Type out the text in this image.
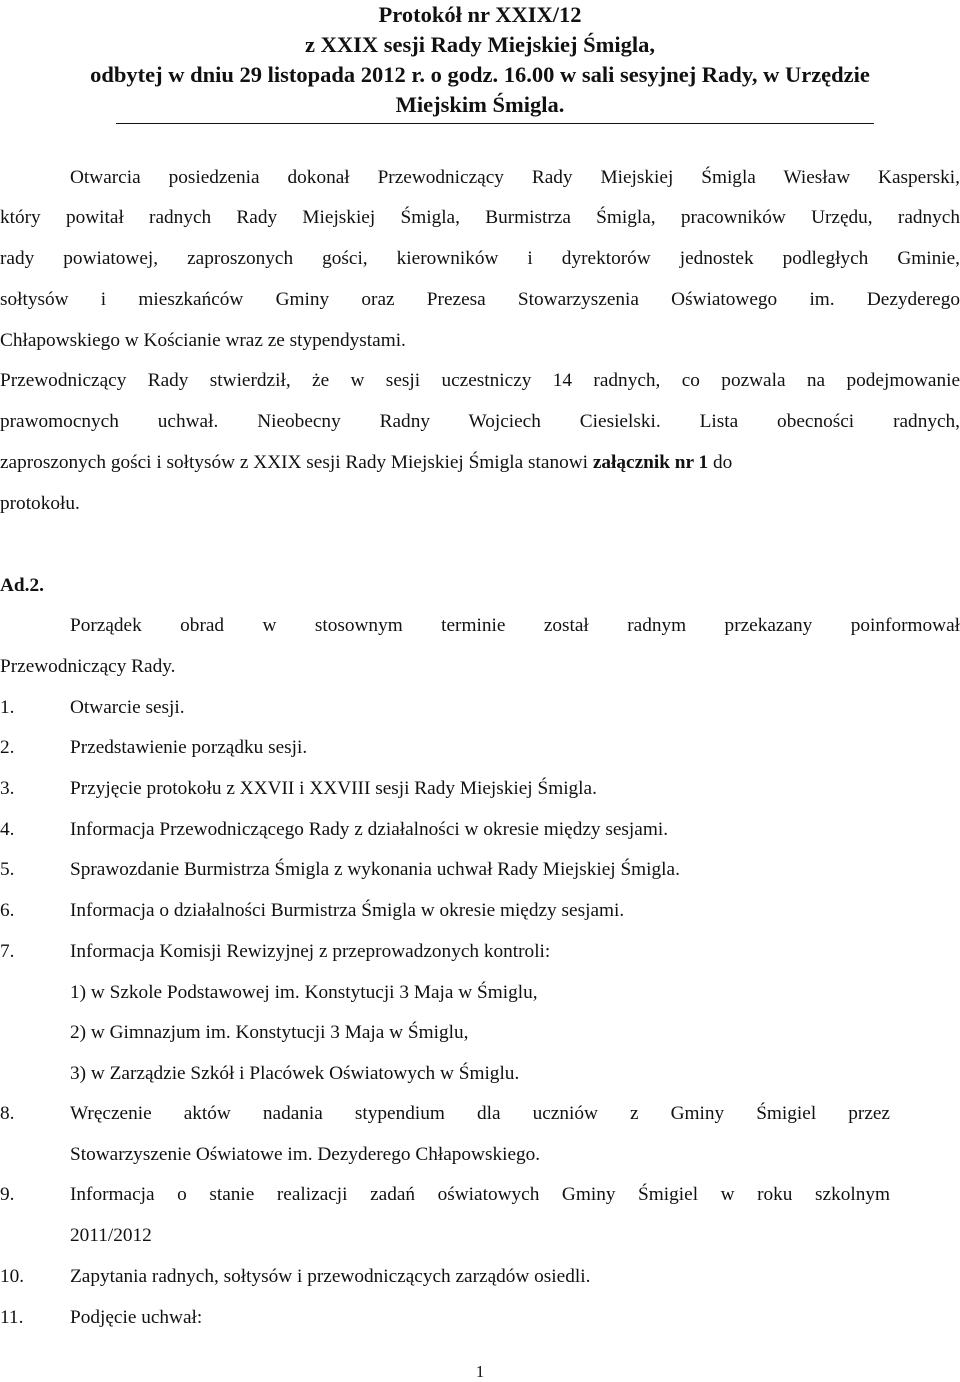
Protokół nr XXIX/12
z XXIX sesji Rady Miejskiej Śmigla,
odbytej w dniu 29 listopada 2012 r. o godz. 16.00 w sali sesyjnej Rady, w Urzędzie
Miejskim Śmigla.
Otwarcia posiedzenia dokonał Przewodniczący Rady Miejskiej Śmigla Wiesław Kasperski,
który powitał radnych Rady Miejskiej Śmigla, Burmistrza Śmigla, pracowników Urzędu, radnych
rady powiatowej, zaproszonych gości, kierowników i dyrektorów jednostek podległych Gminie,
sołtysów i mieszkańców Gminy oraz Prezesa Stowarzyszenia Oświatowego im. Dezyderego
Chłapowskiego w Kościanie wraz ze stypendystami.
Przewodniczący Rady stwierdził, że w sesji uczestniczy 14 radnych, co pozwala na podejmowanie
prawomocnych uchwał. Nieobecny Radny Wojciech Ciesielski. Lista obecności radnych,
zaproszonych gości i sołtysów z XXIX sesji Rady Miejskiej Śmigla stanowi załącznik nr 1 do
protokołu.
Ad.2.
Porządek obrad w stosownym terminie został radnym przekazany poinformował
Przewodniczący Rady.
1.	Otwarcie sesji.
2.	Przedstawienie porządku sesji.
3.	Przyjęcie protokołu z XXVII i XXVIII sesji Rady Miejskiej Śmigla.
4.	Informacja Przewodniczącego Rady z działalności w okresie między sesjami.
5.	Sprawozdanie Burmistrza Śmigla z wykonania uchwał Rady Miejskiej Śmigla.
6.	Informacja o działalności Burmistrza Śmigla w okresie między sesjami.
7.	Informacja Komisji Rewizyjnej z przeprowadzonych kontroli:
1) w Szkole Podstawowej im. Konstytucji 3 Maja w Śmiglu,
2) w Gimnazjum im. Konstytucji 3 Maja w Śmiglu,
3) w Zarządzie Szkół i Placówek Oświatowych w Śmiglu.
8.	Wręczenie aktów nadania stypendium dla uczniów z Gminy Śmigiel przez
Stowarzyszenie Oświatowe im. Dezyderego Chłapowskiego.
9.	Informacja o stanie realizacji zadań oświatowych Gminy Śmigiel w roku szkolnym
2011/2012
10. Zapytania radnych, sołtysów i przewodniczących zarządów osiedli.
11. Podjęcie uchwał:
1
